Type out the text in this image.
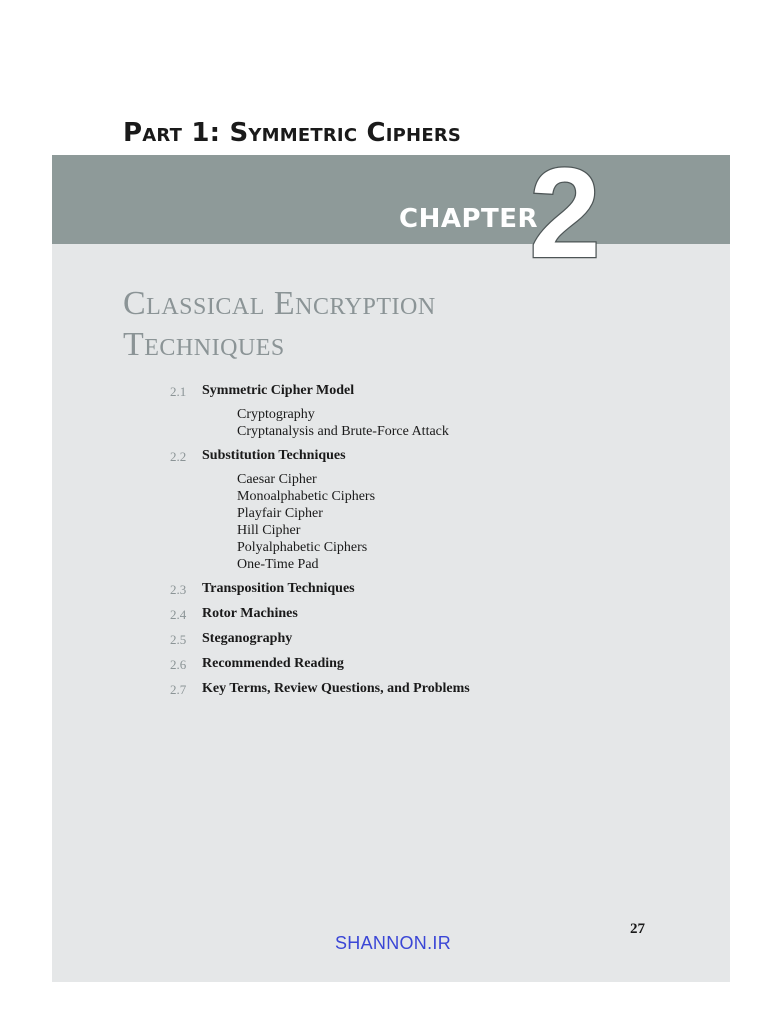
Part 1: Symmetric Ciphers
CHAPTER
2
Classical Encryption
Techniques
2.1 Symmetric Cipher Model
Cryptography
Cryptanalysis and Brute-Force Attack
2.2 Substitution Techniques
Caesar Cipher
Monoalphabetic Ciphers
Playfair Cipher
Hill Cipher
Polyalphabetic Ciphers
One-Time Pad
2.3 Transposition Techniques
2.4 Rotor Machines
2.5 Steganography
2.6 Recommended Reading
2.7 Key Terms, Review Questions, and Problems
27
SHANNON.IR
